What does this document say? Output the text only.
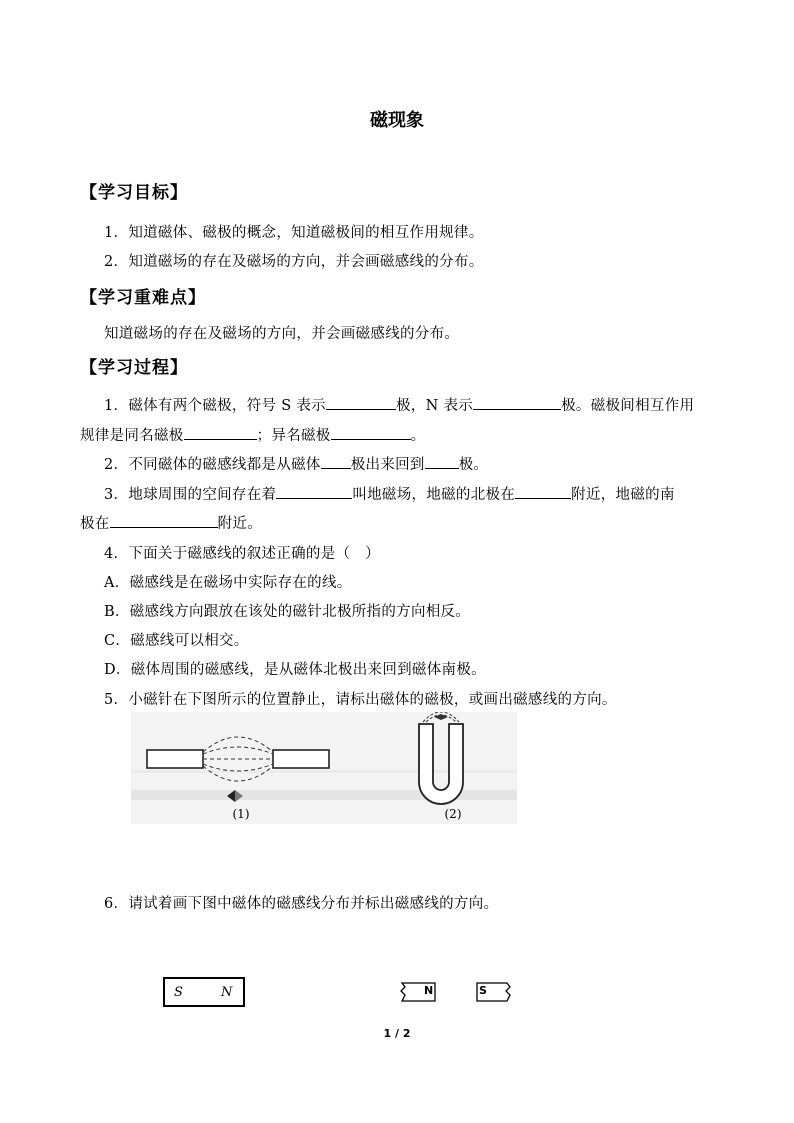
磁现象
【学习目标】
1．知道磁体、磁极的概念，知道磁极间的相互作用规律。
2．知道磁场的存在及磁场的方向，并会画磁感线的分布。
【学习重难点】
知道磁场的存在及磁场的方向，并会画磁感线的分布。
【学习过程】
1．磁体有两个磁极，符号 S 表示	极，N 表示	极。磁极间相互作用
规律是同名磁极	；异名磁极	。
2．不同磁体的磁感线都是从磁体 极出来回到 极。
3．地球周围的空间存在着	叫地磁场，地磁的北极在	附近，地磁的南
极在	附近。
4．下面关于磁感线的叙述正确的是（　）
A．磁感线是在磁场中实际存在的线。
B．磁感线方向跟放在该处的磁针北极所指的方向相反。
C．磁感线可以相交。
D．磁体周围的磁感线，是从磁体北极出来回到磁体南极。
5．小磁针在下图所示的位置静止，请标出磁体的磁极，或画出磁感线的方向。
(1)	(2)
6．请试着画下图中磁体的磁感线分布并标出磁感线的方向。
S	N	N	S
1 / 2
